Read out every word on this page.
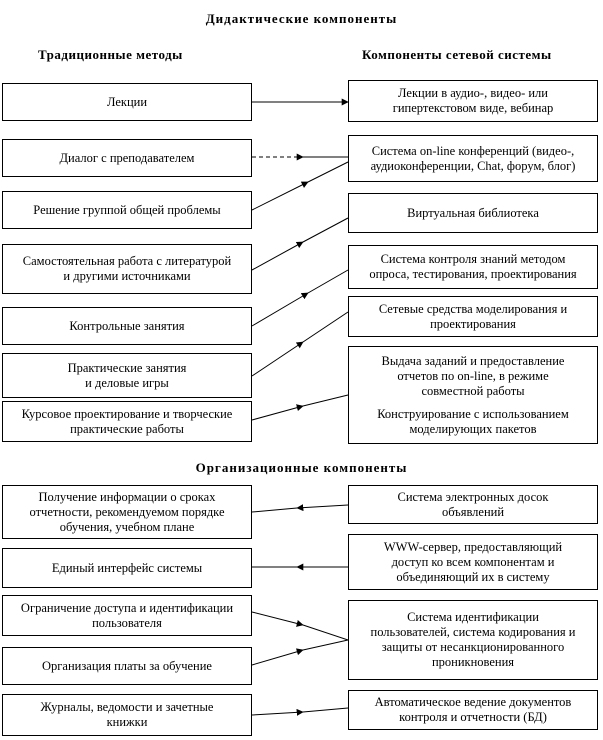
Дидактические компоненты
Традиционные методы	Компоненты сетевой системы
Лекции
Диалог с преподавателем
Решение группой общей проблемы
Самостоятельная работа с литературой
и другими источниками
Контрольные занятия
Практические занятия
и деловые игры
Курсовое проектирование и творческие
практические работы
Лекции в аудио-, видео- или
гипертекстовом виде, вебинар
Система on-line конференций (видео-,
аудиоконференции, Chat, форум, блог)
Виртуальная библиотека
Система контроля знаний методом
опроса, тестирования, проектирования
Сетевые средства моделирования и
проектирования
Выдача заданий и предоставление
отчетов по on-line, в режиме
совместной работы
Конструирование с использованием
моделирующих пакетов
Организационные компоненты
Получение информации о сроках
отчетности, рекомендуемом порядке
обучения, учебном плане
Единый интерфейс системы
Ограничение доступа и идентификации
пользователя
Организация платы за обучение
Журналы, ведомости и зачетные
книжки
Система электронных досок
объявлений
WWW-сервер, предоставляющий
доступ ко всем компонентам и
объединяющий их в систему
Система идентификации
пользователей, система кодирования и
защиты от несанкционированного
проникновения
Автоматическое ведение документов
контроля и отчетности (БД)
